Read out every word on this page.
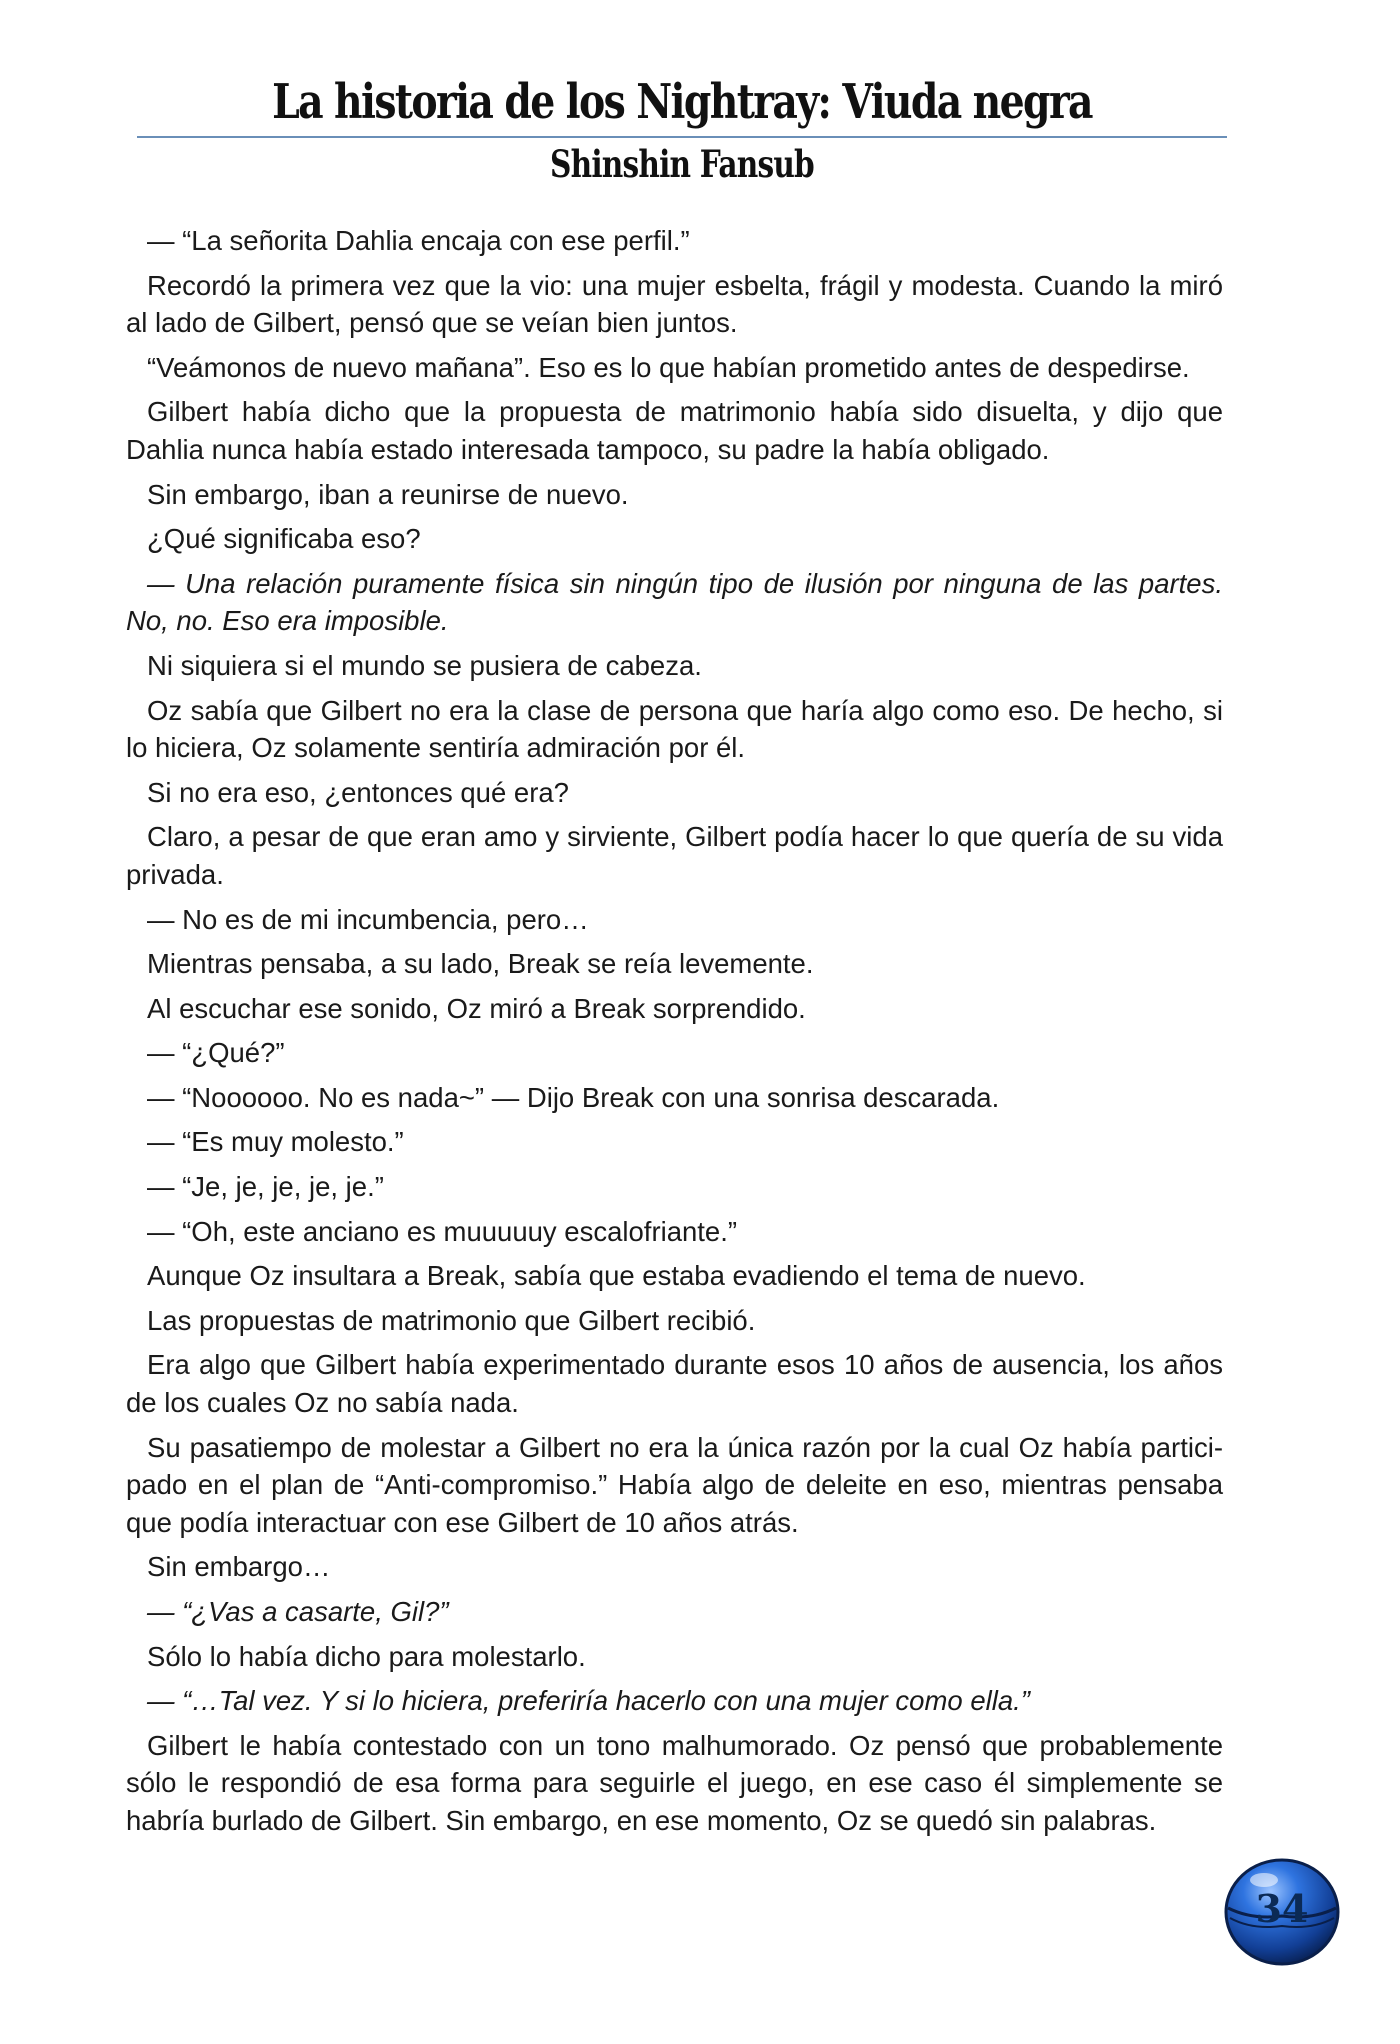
La historia de los Nightray: Viuda negra
Shinshin Fansub

— “La señorita Dahlia encaja con ese perfil.”

Recordó la primera vez que la vio: una mujer esbelta, frágil y modesta. Cuando la miró al lado de Gilbert, pensó que se veían bien juntos.

“Veámonos de nuevo mañana”. Eso es lo que habían prometido antes de despedirse.

Gilbert había dicho que la propuesta de matrimonio había sido disuelta, y dijo que Dahlia nunca había estado interesada tampoco, su padre la había obligado.

Sin embargo, iban a reunirse de nuevo.

¿Qué significaba eso?

— Una relación puramente física sin ningún tipo de ilusión por ninguna de las partes. No, no. Eso era imposible.

Ni siquiera si el mundo se pusiera de cabeza.

Oz sabía que Gilbert no era la clase de persona que haría algo como eso. De hecho, si lo hiciera, Oz solamente sentiría admiración por él.

Si no era eso, ¿entonces qué era?

Claro, a pesar de que eran amo y sirviente, Gilbert podía hacer lo que quería de su vida privada.

— No es de mi incumbencia, pero…

Mientras pensaba, a su lado, Break se reía levemente.

Al escuchar ese sonido, Oz miró a Break sorprendido.

— “¿Qué?”

— “Noooooo. No es nada~” — Dijo Break con una sonrisa descarada.

— “Es muy molesto.”

— “Je, je, je, je, je.”

— “Oh, este anciano es muuuuuy escalofriante.”

Aunque Oz insultara a Break, sabía que estaba evadiendo el tema de nuevo.

Las propuestas de matrimonio que Gilbert recibió.

Era algo que Gilbert había experimentado durante esos 10 años de ausencia, los años de los cuales Oz no sabía nada.

Su pasatiempo de molestar a Gilbert no era la única razón por la cual Oz había partici-pado en el plan de “Anti-compromiso.” Había algo de deleite en eso, mientras pensaba que podía interactuar con ese Gilbert de 10 años atrás.

Sin embargo…

— “¿Vas a casarte, Gil?”

Sólo lo había dicho para molestarlo.

— “…Tal vez. Y si lo hiciera, preferiría hacerlo con una mujer como ella.”

Gilbert le había contestado con un tono malhumorado. Oz pensó que probablemente sólo le respondió de esa forma para seguirle el juego, en ese caso él simplemente se habría burlado de Gilbert. Sin embargo, en ese momento, Oz se quedó sin palabras.

34
